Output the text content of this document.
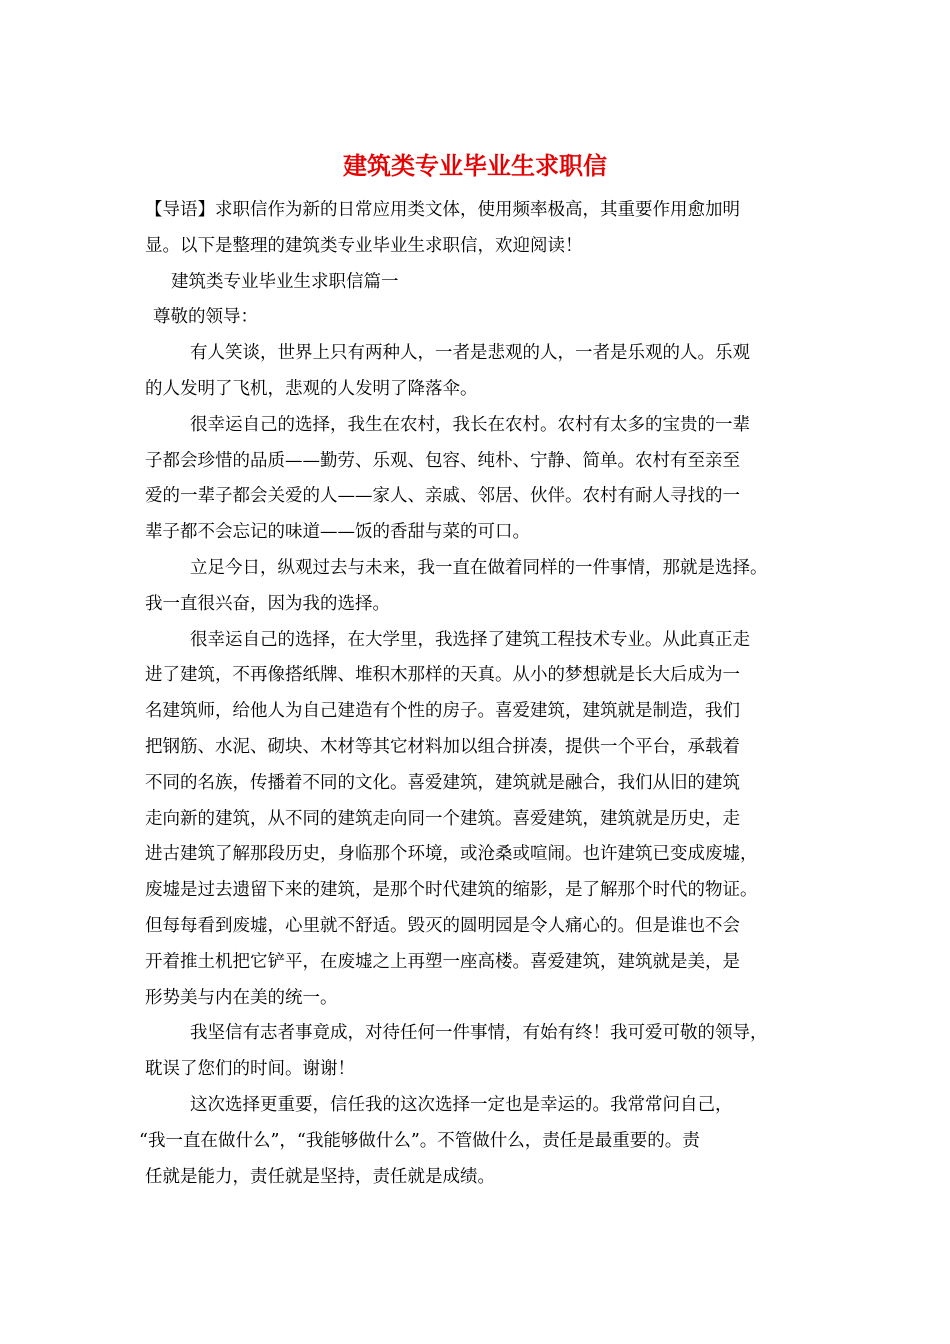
建筑类专业毕业生求职信
【导语】求职信作为新的日常应用类文体，使用频率极高，其重要作用愈加明
显。以下是整理的建筑类专业毕业生求职信，欢迎阅读！
建筑类专业毕业生求职信篇一
尊敬的领导：
有人笑谈，世界上只有两种人，一者是悲观的人，一者是乐观的人。乐观
的人发明了飞机，悲观的人发明了降落伞。
很幸运自己的选择，我生在农村，我长在农村。农村有太多的宝贵的一辈
子都会珍惜的品质——勤劳、乐观、包容、纯朴、宁静、简单。农村有至亲至
爱的一辈子都会关爱的人——家人、亲戚、邻居、伙伴。农村有耐人寻找的一
辈子都不会忘记的味道——饭的香甜与菜的可口。
立足今日，纵观过去与未来，我一直在做着同样的一件事情，那就是选择。
我一直很兴奋，因为我的选择。
很幸运自己的选择，在大学里，我选择了建筑工程技术专业。从此真正走
进了建筑，不再像搭纸牌、堆积木那样的天真。从小的梦想就是长大后成为一
名建筑师，给他人为自己建造有个性的房子。喜爱建筑，建筑就是制造，我们
把钢筋、水泥、砌块、木材等其它材料加以组合拼凑，提供一个平台，承载着
不同的名族，传播着不同的文化。喜爱建筑，建筑就是融合，我们从旧的建筑
走向新的建筑，从不同的建筑走向同一个建筑。喜爱建筑，建筑就是历史，走
进古建筑了解那段历史，身临那个环境，或沧桑或喧闹。也许建筑已变成废墟，
废墟是过去遗留下来的建筑，是那个时代建筑的缩影，是了解那个时代的物证。
但每每看到废墟，心里就不舒适。毁灭的圆明园是令人痛心的。但是谁也不会
开着推土机把它铲平，在废墟之上再塑一座高楼。喜爱建筑，建筑就是美，是
形势美与内在美的统一。
我坚信有志者事竟成，对待任何一件事情，有始有终！我可爱可敬的领导，
耽误了您们的时间。谢谢！
这次选择更重要，信任我的这次选择一定也是幸运的。我常常问自己，
“我一直在做什么”，“我能够做什么”。不管做什么，责任是最重要的。责
任就是能力，责任就是坚持，责任就是成绩。
